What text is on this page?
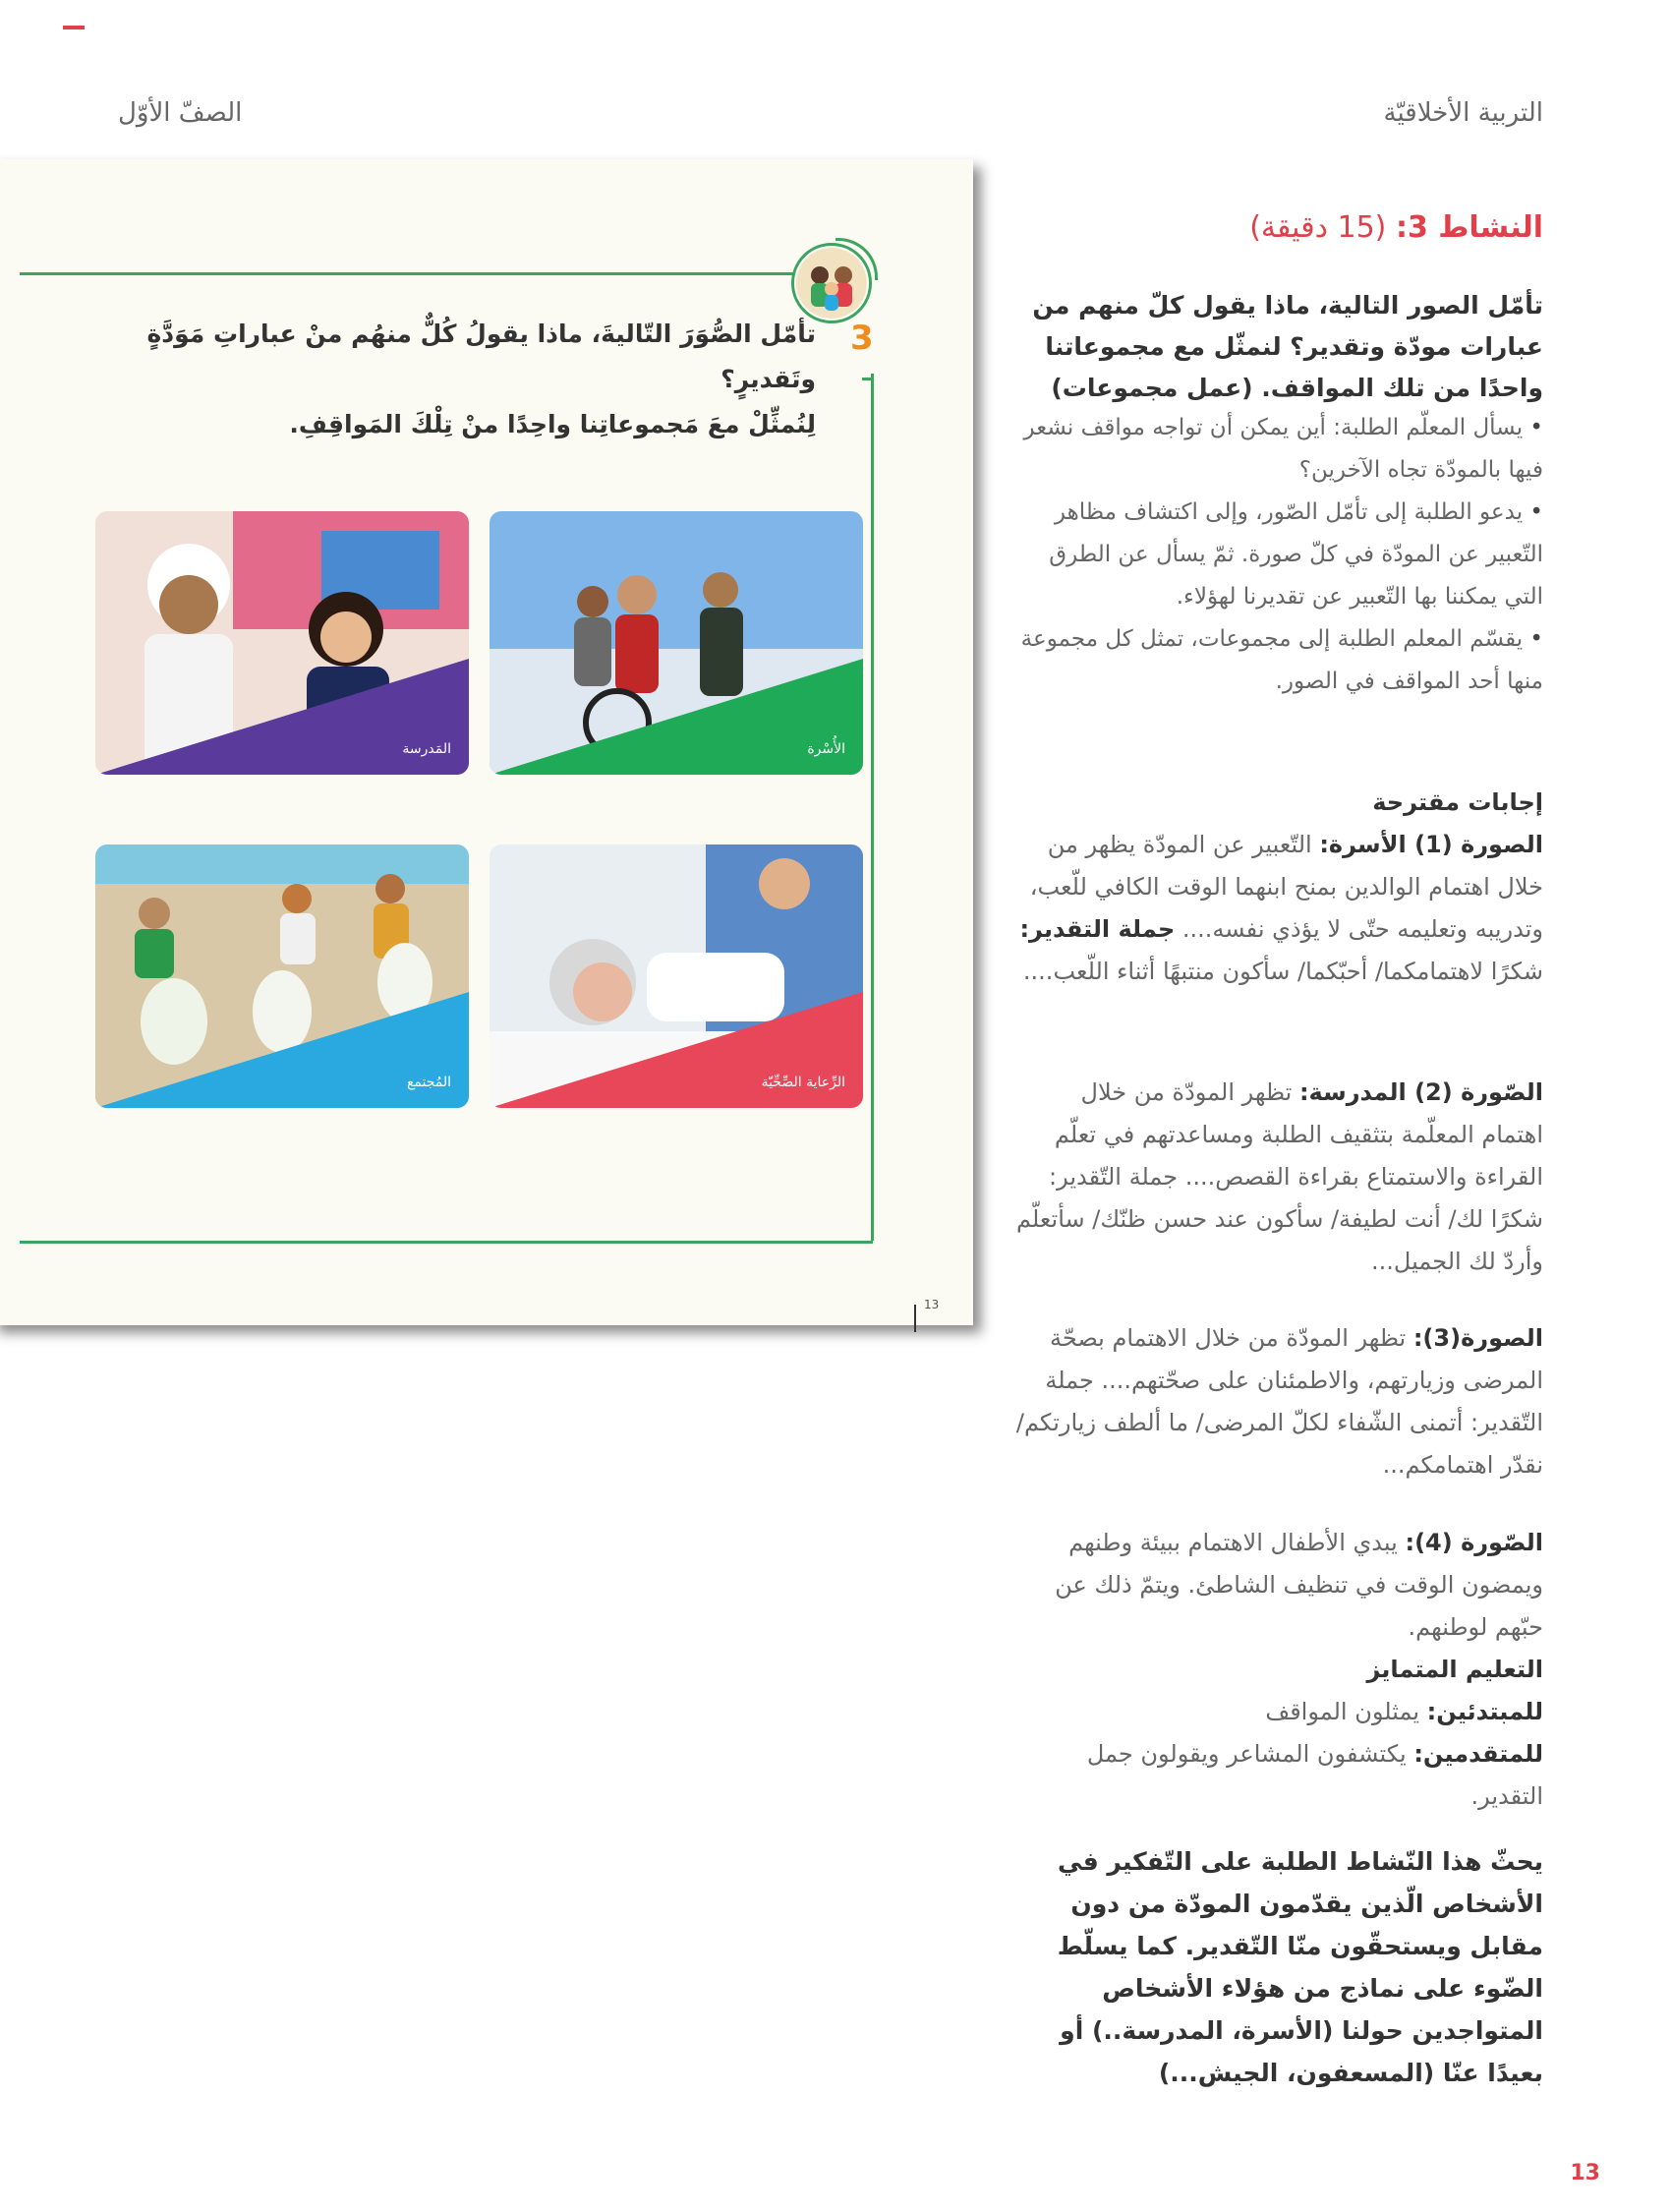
التربية الأخلاقيّة
الصفّ الأوّل
3
تأمّل الصُّوَرَ التّاليةَ، ماذا يقولُ كُلٌّ منهُم منْ عباراتِ مَوَدَّةٍ وتَقديرٍ؟
لِنُمثِّلْ معَ مَجموعاتِنا واحِدًا منْ تِلْكَ المَواقِفِ.
الأُسْرة
المَدرسة
الرِّعاية الصِّحِّيّة
المُجتمع
13
النشاط 3: (15 دقيقة)
تأمّل الصور التالية، ماذا يقول كلّ منهم من عبارات مودّة وتقدير؟ لنمثّل مع مجموعاتنا واحدًا من تلك المواقف. (عمل مجموعات)
• يسأل المعلّم الطلبة: أين يمكن أن تواجه مواقف نشعر فيها بالمودّة تجاه الآخرين؟
• يدعو الطلبة إلى تأمّل الصّور، وإلى اكتشاف مظاهر التّعبير عن المودّة في كلّ صورة. ثمّ يسأل عن الطرق التي يمكننا بها التّعبير عن تقديرنا لهؤلاء.
• يقسّم المعلم الطلبة إلى مجموعات، تمثل كل مجموعة منها أحد المواقف في الصور.
إجابات مقترحة
الصورة (1) الأسرة: التّعبير عن المودّة يظهر من خلال اهتمام الوالدين بمنح ابنهما الوقت الكافي للّعب، وتدريبه وتعليمه حتّى لا يؤذي نفسه.... جملة التقدير: شكرًا لاهتمامكما/ أحبّكما/ سأكون منتبهًا أثناء اللّعب....
الصّورة (2) المدرسة: تظهر المودّة من خلال اهتمام المعلّمة بتثقيف الطلبة ومساعدتهم في تعلّم القراءة والاستمتاع بقراءة القصص.... جملة التّقدير: شكرًا لك/ أنت لطيفة/ سأكون عند حسن ظنّك/ سأتعلّم وأردّ لك الجميل...
الصورة(3): تظهر المودّة من خلال الاهتمام بصحّة المرضى وزيارتهم، والاطمئنان على صحّتهم.... جملة التّقدير: أتمنى الشّفاء لكلّ المرضى/ ما ألطف زيارتكم/ نقدّر اهتمامكم...
الصّورة (4): يبدي الأطفال الاهتمام ببيئة وطنهم ويمضون الوقت في تنظيف الشاطئ. ويتمّ ذلك عن حبّهم لوطنهم.
التعليم المتمايز
للمبتدئين: يمثلون المواقف
للمتقدمين: يكتشفون المشاعر ويقولون جمل التقدير.
يحثّ هذا النّشاط الطلبة على التّفكير في الأشخاص الّذين يقدّمون المودّة من دون مقابل ويستحقّون منّا التّقدير. كما يسلّط الضّوء على نماذج من هؤلاء الأشخاص المتواجدين حولنا (الأسرة، المدرسة..) أو بعيدًا عنّا (المسعفون، الجيش...)
13
